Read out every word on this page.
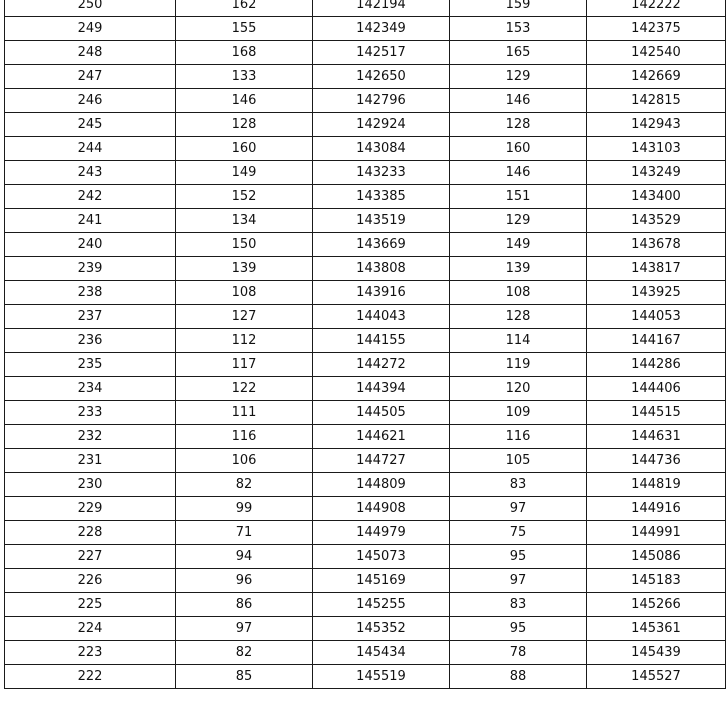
250	162	142194	159	142222
249	155	142349	153	142375
248	168	142517	165	142540
247	133	142650	129	142669
246	146	142796	146	142815
245	128	142924	128	142943
244	160	143084	160	143103
243	149	143233	146	143249
242	152	143385	151	143400
241	134	143519	129	143529
240	150	143669	149	143678
239	139	143808	139	143817
238	108	143916	108	143925
237	127	144043	128	144053
236	112	144155	114	144167
235	117	144272	119	144286
234	122	144394	120	144406
233	111	144505	109	144515
232	116	144621	116	144631
231	106	144727	105	144736
230	82	144809	83	144819
229	99	144908	97	144916
228	71	144979	75	144991
227	94	145073	95	145086
226	96	145169	97	145183
225	86	145255	83	145266
224	97	145352	95	145361
223	82	145434	78	145439
222	85	145519	88	145527
